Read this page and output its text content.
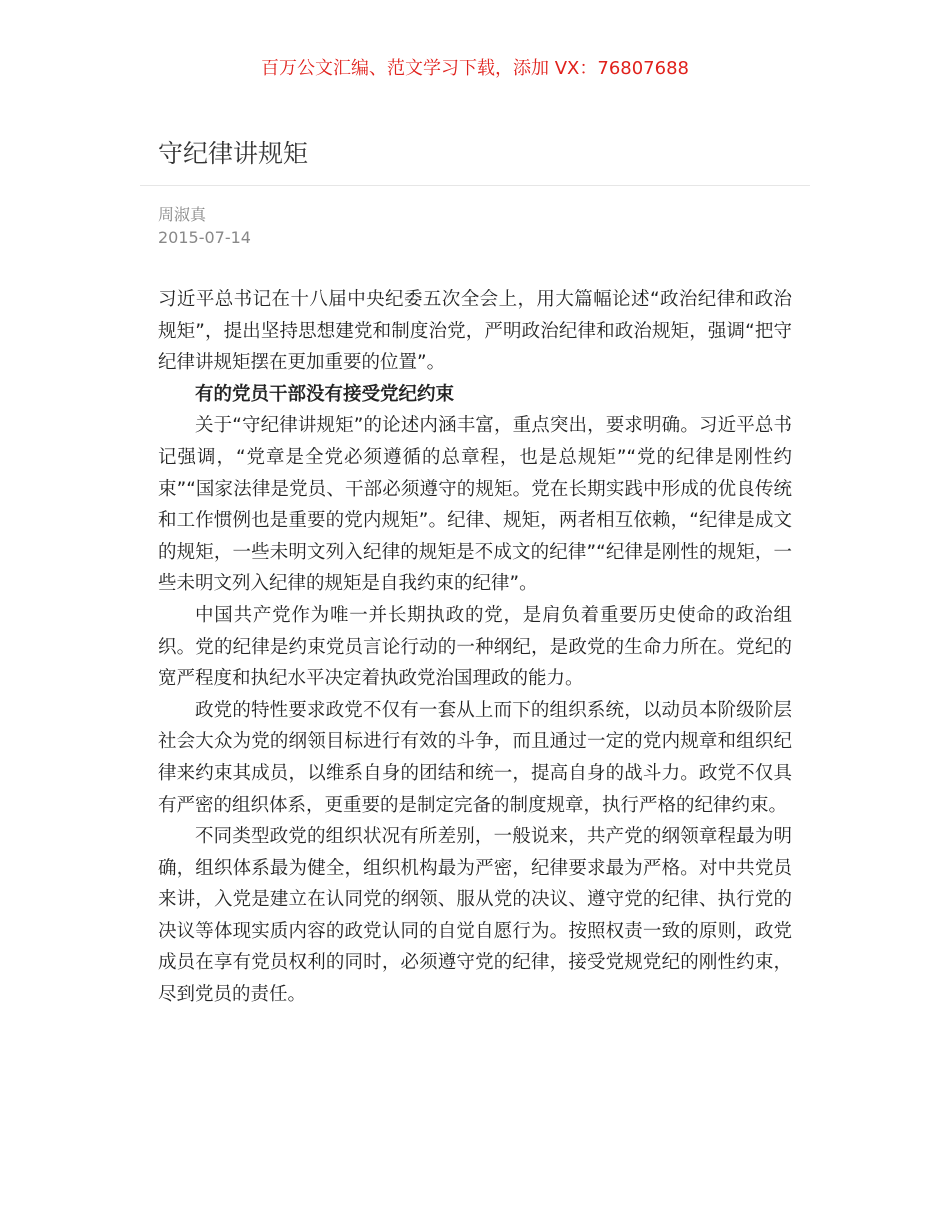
百万公文汇编、范文学习下载，添加 VX：76807688
守纪律讲规矩
周淑真
2015-07-14

习近平总书记在十八届中央纪委五次全会上，用大篇幅论述“政治纪律和政治规矩”，提出坚持思想建党和制度治党，严明政治纪律和政治规矩，强调“把守纪律讲规矩摆在更加重要的位置”。

有的党员干部没有接受党纪约束

关于“守纪律讲规矩”的论述内涵丰富，重点突出，要求明确。习近平总书记强调，“党章是全党必须遵循的总章程，也是总规矩”“党的纪律是刚性约束”“国家法律是党员、干部必须遵守的规矩。党在长期实践中形成的优良传统和工作惯例也是重要的党内规矩”。纪律、规矩，两者相互依赖，“纪律是成文的规矩，一些未明文列入纪律的规矩是不成文的纪律”“纪律是刚性的规矩，一些未明文列入纪律的规矩是自我约束的纪律”。

中国共产党作为唯一并长期执政的党，是肩负着重要历史使命的政治组织。党的纪律是约束党员言论行动的一种纲纪，是政党的生命力所在。党纪的宽严程度和执纪水平决定着执政党治国理政的能力。

政党的特性要求政党不仅有一套从上而下的组织系统，以动员本阶级阶层社会大众为党的纲领目标进行有效的斗争，而且通过一定的党内规章和组织纪律来约束其成员，以维系自身的团结和统一，提高自身的战斗力。政党不仅具有严密的组织体系，更重要的是制定完备的制度规章，执行严格的纪律约束。

不同类型政党的组织状况有所差别，一般说来，共产党的纲领章程最为明确，组织体系最为健全，组织机构最为严密，纪律要求最为严格。对中共党员来讲，入党是建立在认同党的纲领、服从党的决议、遵守党的纪律、执行党的决议等体现实质内容的政党认同的自觉自愿行为。按照权责一致的原则，政党成员在享有党员权利的同时，必须遵守党的纪律，接受党规党纪的刚性约束，尽到党员的责任。
